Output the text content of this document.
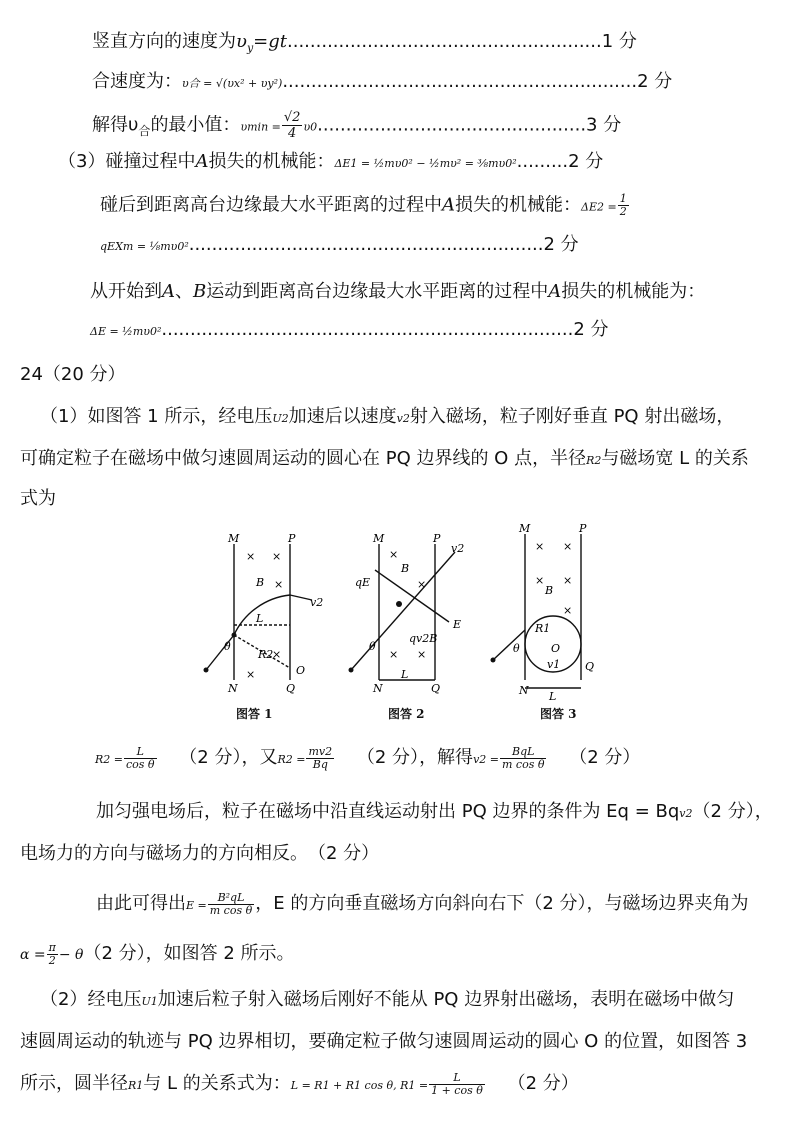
竖直方向的速度为$\upsilon_y=gt.......................................................1$ 分
合速度为：υ合 = √(υx² + υy²)..............................................................2 分
解得$\upsilon_合$的最小值：$\upsilon\min = \frac{√2}{4} \upsilon 0...............................................3$ 分
（3）碰撞过程中A损失的机械能：ΔE1 = ½mυ0² − ½mυ² = ⅜mυ0².........2 分
碰后到距离高台边缘最大水平距离的过程中A损失的机械能：$\Delta E2 = \frac{1}{2}$
qEXm = ⅛mυ0²..............................................................2 分
从开始到A、B运动到距离高台边缘最大水平距离的过程中A损失的机械能为：
ΔE = ½mυ0²........................................................................2 分
24（20 分）
（1）如图答 1 所示，经电压U2加速后以速度v2射入磁场，粒子刚好垂直 PQ 射出磁场，
可确定粒子在磁场中做匀速圆周运动的圆心在 PQ 边界线的 O 点，半径R2与磁场宽 L 的关系
式为
M	P
N	Q
O
B
L
θ
R2
v2
× ×
×
×
×
图答 1
M	P
N	Q
qE
E
qv2B
B
L
θ
v2
×
×
× ×
图答 2
M	P
N
Q
O
B
L
θ
R1
v1
× ×
× ×
×
图答 3
$R2 = \frac{L}{\text{cos θ}} (2$ 分），又$R2 = \frac{mv2}{Bq} (2$ 分），解得$v2 = \frac{\text{BqL}}{\text{m cos θ}} (2$ 分）
加匀强电场后，粒子在磁场中沿直线运动射出 PQ 边界的条件为 Eq = Bqv2（2 分），
电场力的方向与磁场力的方向相反。　（2 分）
由此可得出$E = \frac{\text{B²qL}}{\text{m cos θ}}$ ，E 的方向垂直磁场方向斜向右下（2 分），与磁场边界夹角为
$\alpha = \frac{\pi}{2} - \theta(2$ 分），如图答 2 所示。
（2）经电压U1加速后粒子射入磁场后刚好不能从 PQ 边界射出磁场，表明在磁场中做匀
速圆周运动的轨迹与 PQ 边界相切，要确定粒子做匀速圆周运动的圆心 O 的位置，如图答 3
所示，圆半径R1与 L 的关系式为：L = R1 + R1 cos θ, $R1 = \frac{L}{\text{1 + cos θ}} (2$ 分）
